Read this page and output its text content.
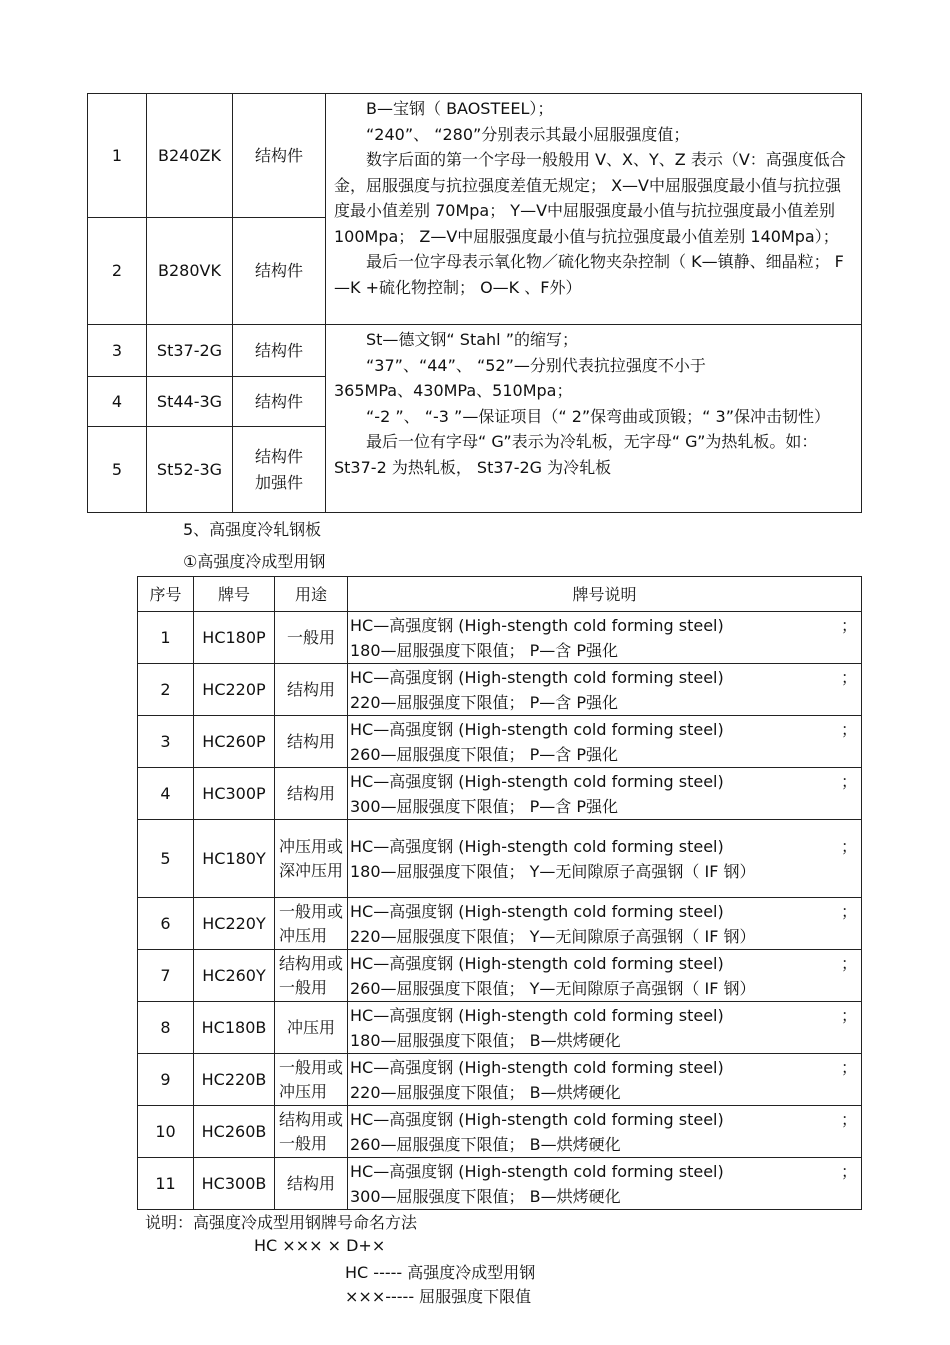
1	B240ZK	结构件	B—宝钢（ BAOSTEEL）；
“240”、 “280”分别表示其最小屈服强度值；
数字后面的第一个字母一般般用 V、X、Y、Z 表示（V：高强度低合金，屈服强度与抗拉强度差值无规定； X—V中屈服强度最小值与抗拉强度最小值差别 70Mpa； Y—V中屈服强度最小值与抗拉强度最小值差别 100Mpa； Z—V中屈服强度最小值与抗拉强度最小值差别 140Mpa）；
最后一位字母表示氧化物／硫化物夹杂控制（ K—镇静、细晶粒； F—K +硫化物控制； O—K 、F外）

2	B280VK	结构件	
3	St37-2G	结构件	St—德文钢“ Stahl ”的缩写；
“37”、“44”、 “52”—分别代表抗拉强度不小于
365MPa、430MPa、510Mpa；
“-2 ”、 “-3 ”—保证项目（“ 2”保弯曲或顶锻；“ 3”保冲击韧性）
最后一位有字母“ G”表示为冷轧板，无字母“ G”为热轧板。如： St37-2 为热轧板， St37-2G 为冷轧板

4	St44-3G	结构件	
5	St52-3G	结构件
加强件	
5、高强度冷轧钢板
①高强度冷成型用钢
序号	牌号	用途	牌号说明
1	HC180P	一般用	HC—高强度钢 (High-stength cold forming steel) ；
180—屈服强度下限值； P—含 P强化

2	HC220P	结构用	HC—高强度钢 (High-stength cold forming steel) ；
220—屈服强度下限值； P—含 P强化

3	HC260P	结构用	HC—高强度钢 (High-stength cold forming steel) ；
260—屈服强度下限值； P—含 P强化

4	HC300P	结构用	HC—高强度钢 (High-stength cold forming steel) ；
300—屈服强度下限值； P—含 P强化

5	HC180Y	冲压用或深冲压用	HC—高强度钢 (High-stength cold forming steel) ；
180—屈服强度下限值； Y—无间隙原子高强钢（ IF 钢）

6	HC220Y	一般用或冲压用	HC—高强度钢 (High-stength cold forming steel) ；
220—屈服强度下限值； Y—无间隙原子高强钢（ IF 钢）

7	HC260Y	结构用或一般用	HC—高强度钢 (High-stength cold forming steel) ；
260—屈服强度下限值； Y—无间隙原子高强钢（ IF 钢）

8	HC180B	冲压用	HC—高强度钢 (High-stength cold forming steel) ；
180—屈服强度下限值； B—烘烤硬化

9	HC220B	一般用或冲压用	HC—高强度钢 (High-stength cold forming steel) ；
220—屈服强度下限值； B—烘烤硬化

10	HC260B	结构用或一般用	HC—高强度钢 (High-stength cold forming steel) ；
260—屈服强度下限值； B—烘烤硬化

11	HC300B	结构用	HC—高强度钢 (High-stength cold forming steel) ；
300—屈服强度下限值； B—烘烤硬化
说明：高强度冷成型用钢牌号命名方法
HC ××× × D+×
HC ----- 高强度冷成型用钢
×××----- 屈服强度下限值
